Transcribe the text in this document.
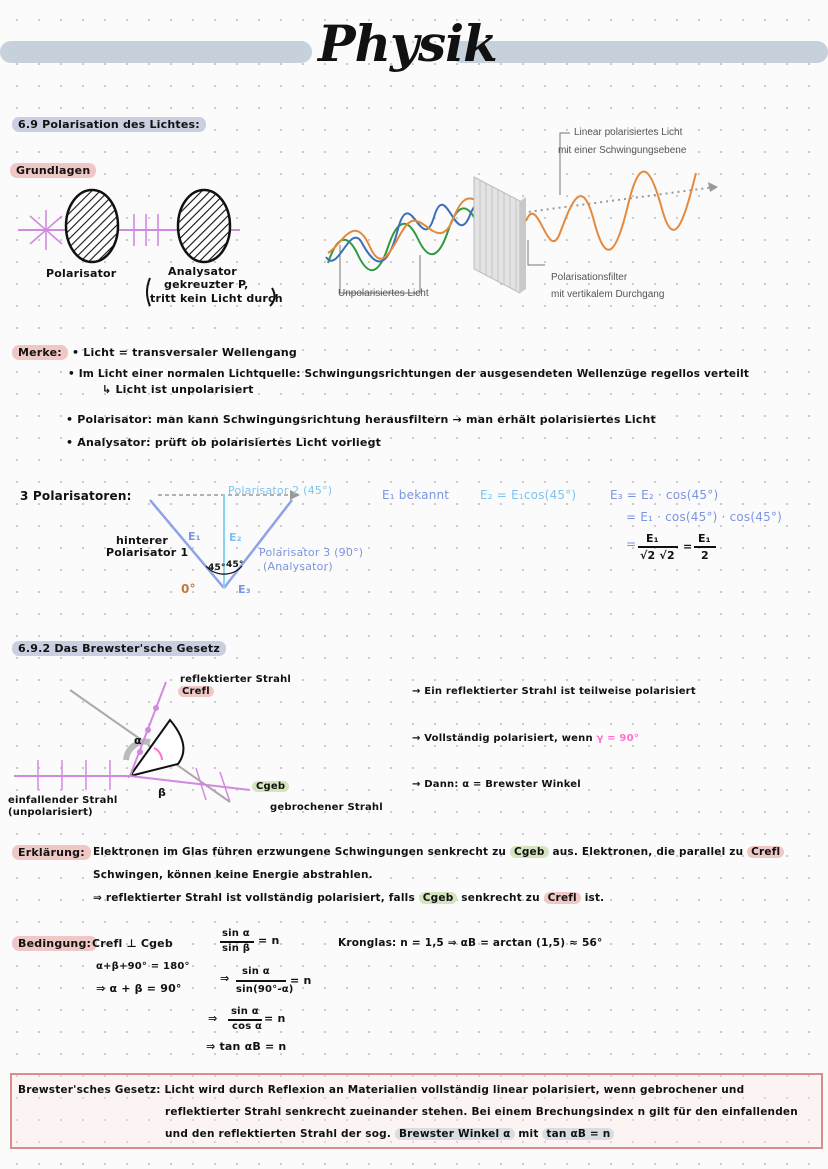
Physik
6.9 Polarisation des Lichtes:
Grundlagen
Polarisator	Analysator
gekreuzter P,
tritt kein Licht durch
Linear polarisiertes Licht
mit einer Schwingungsebene
Unpolarisiertes Licht
Polarisationsfilter
mit vertikalem Durchgang
Merke: • Licht = transversaler Wellengang
• Im Licht einer normalen Lichtquelle: Schwingungsrichtungen der ausgesendeten Wellenzüge regellos verteilt
↳ Licht ist unpolarisiert
• Polarisator: man kann Schwingungsrichtung herausfiltern → man erhält polarisiertes Licht
• Analysator: prüft ob polarisiertes Licht vorliegt
3 Polarisatoren:	Polarisator 2 (45°)
Polarisator 3 (90°)
(Analysator)
hinterer
Polarisator 1
0°
45° 45°
E₁	E₂
E₃
E₁ bekannt	E₂ = E₁cos(45°)	E₃ = E₂ · cos(45°)
= E₁ · cos(45°) · cos(45°)
= E₁
√2 √2
=
E₁
2
6.9.2 Das Brewster'sche Gesetz
reflektierter Strahl
Crefl
Cgeb
gebrochener Strahl
einfallender Strahl
(unpolarisiert)
α
β
→ Ein reflektierter Strahl ist teilweise polarisiert
→ Vollständig polarisiert, wenn γ = 90°
→ Dann: α = Brewster Winkel
Erklärung: Elektronen im Glas führen erzwungene Schwingungen senkrecht zu Cgeb aus. Elektronen, die parallel zu Crefl
Schwingen, können keine Energie abstrahlen.
⇒ reflektierter Strahl ist vollständig polarisiert, falls Cgeb senkrecht zu Crefl ist.
Bedingung: Crefl ⊥ Cgeb
α+β+90° = 180°
⇒ α + β = 90°
sin α
sin β
= n
⇒
sin α
sin(90°-α)
= n
⇒
sin α
cos α
= n
⇒ tan αB = n
Kronglas: n = 1,5 ⇒ αB = arctan (1,5) ≈ 56°
Brewster'sches Gesetz: Licht wird durch Reflexion an Materialien vollständig linear polarisiert, wenn gebrochener und
reflektierter Strahl senkrecht zueinander stehen. Bei einem Brechungsindex n gilt für den einfallenden
und den reflektierten Strahl der sog. Brewster Winkel α mit tan αB = n
